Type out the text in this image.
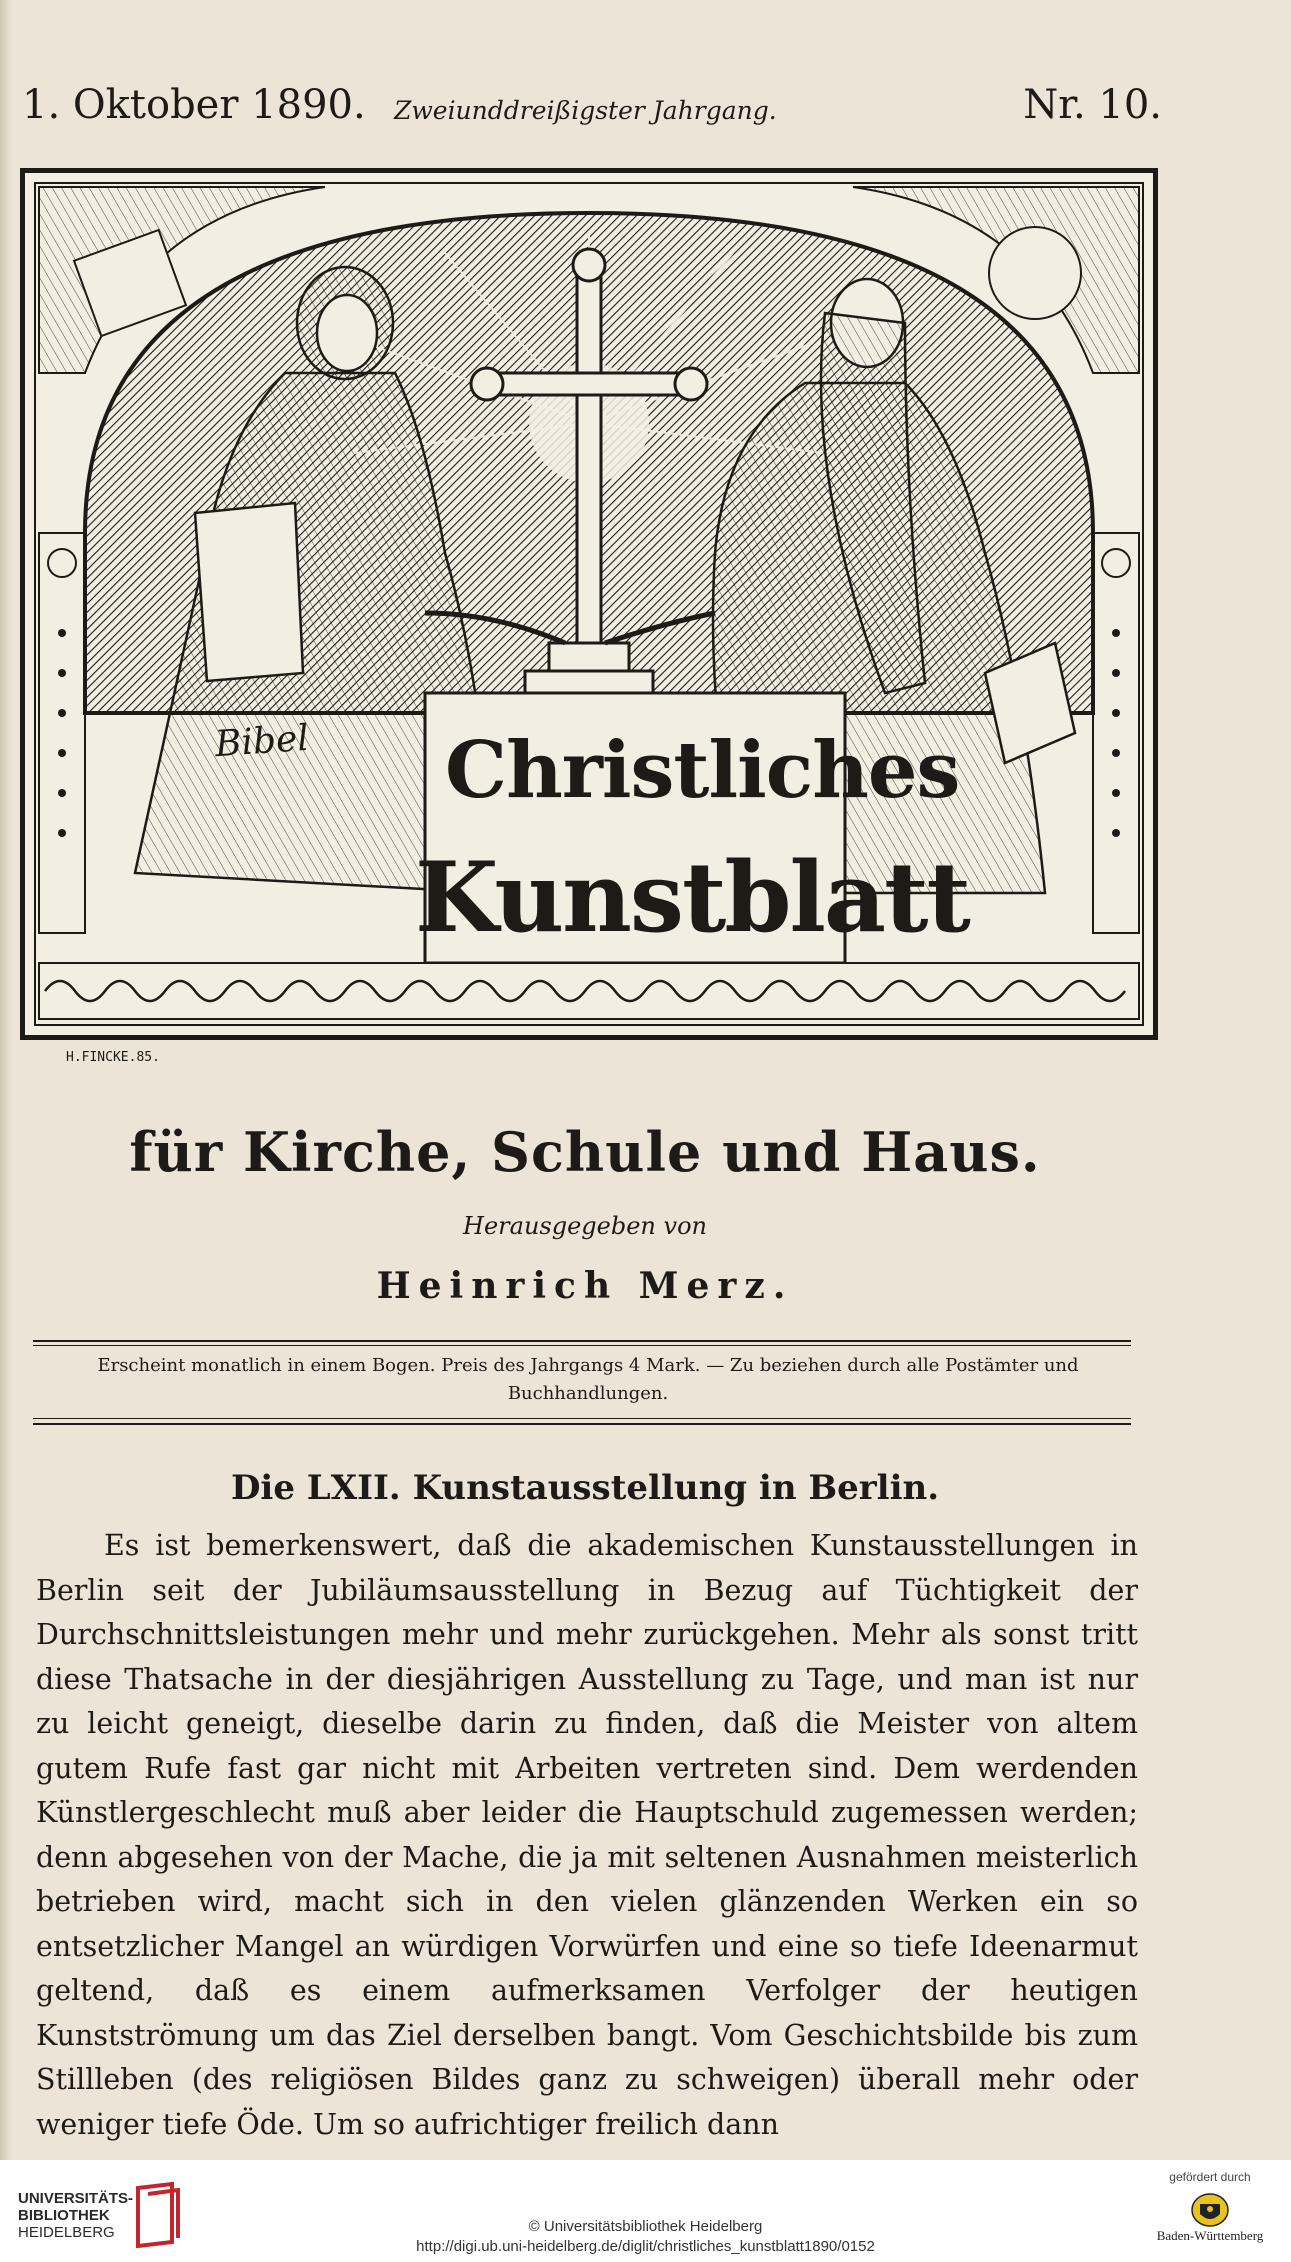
1. Oktober 1890. Zweiunddreißigster Jahrgang.	Nr. 10.
Bibel Christliches
Kunstblatt
H.FINCKE.85.
für Kirche, Schule und Haus.
Herausgegeben von
Heinrich Merz.
Erscheint monatlich in einem Bogen. Preis des Jahrgangs 4 Mark. — Zu beziehen durch alle Postämter und Buchhandlungen.
Die LXII. Kunstausstellung in Berlin.

Es ist bemerkenswert, daß die akademischen Kunstausstellungen in Berlin seit der Jubiläumsausstellung in Bezug auf Tüchtigkeit der Durchschnittsleistungen mehr und mehr zurückgehen. Mehr als sonst tritt diese Thatsache in der diesjährigen Ausstellung zu Tage, und man ist nur zu leicht geneigt, dieselbe darin zu finden, daß die Meister von altem gutem Rufe fast gar nicht mit Arbeiten vertreten sind. Dem werdenden Künstlergeschlecht muß aber leider die Hauptschuld zugemessen werden; denn abgesehen von der Mache, die ja mit seltenen Ausnahmen meisterlich betrieben wird, macht sich in den vielen glänzenden Werken ein so entsetzlicher Mangel an würdigen Vorwürfen und eine so tiefe Ideenarmut geltend, daß es einem aufmerksamen Verfolger der heutigen Kunstströmung um das Ziel derselben bangt. Vom Geschichtsbilde bis zum Stillleben (des religiösen Bildes ganz zu schweigen) überall mehr oder weniger tiefe Öde. Um so aufrichtiger freilich dann

UNIVERSITÄTS-
BIBLIOTHEK
HEIDELBERG	© Universitätsbibliothek Heidelberg
http://digi.ub.uni-heidelberg.de/diglit/christliches_kunstblatt1890/0152
gefördert durch
Baden-Württemberg
